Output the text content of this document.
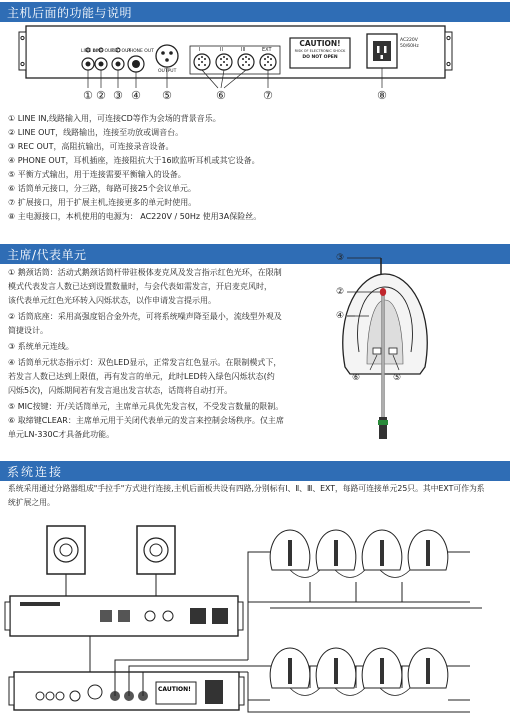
主机后面的功能与说明
LINE IN
LINE OUT
REC OUT
PHONE OUT
OUTPUT
I	II	III	EXT
CAUTION!
RISK OF ELECTRONIC SHOCK
DO NOT OPEN
AC220V
50/60Hz
① ② ③ ④ ⑤	⑥	⑦	⑧
① LINE IN,线路输入用，可连接CD等作为会场的背景音乐。
② LINE OUT，线路输出，连接至功放或调音台。
③ REC OUT，高阻抗输出，可连接录音设备。
④ PHONE OUT，耳机插座，连接阻抗大于16欧监听耳机或其它设备。
⑤ 平衡方式输出，用于连接需要平衡输入的设备。
⑥ 话筒单元接口，分三路，每路可接25个会议单元。
⑦ 扩展接口，用于扩展主机,连接更多的单元时使用。
⑧ 主电源接口，本机使用的电源为： AC220V / 50Hz 使用3A保险丝。
主席/代表单元
① 鹅颈话筒：活动式鹅颈话筒杆带驻极体麦克风及发言指示红色光环，在限制
模式代表发言人数已达到设置数量时，与会代表如需发言，开启麦克风时，
该代表单元红色光环转入闪烁状态，以作申请发言提示用。
② 话筒底座：采用高强度铝合金外壳，可将系统噪声降至最小，流线型外观及
简捷设计。
③ 系统单元连线。
④ 话筒单元状态指示灯：双色LED显示，正常发言红色显示。在限制模式下，
若发言人数已达到上限值，再有发言的单元，此时LED转入绿色闪烁状态(约
闪烁5次)，闪烁期间若有发言退出发言状态，话筒将自动打开。
⑤ MIC按键：开/关话筒单元，主席单元具优先发言权，不受发言数量的限制。
⑥ 取缔键CLEAR：主席单元用于关闭代表单元的发言来控制会场秩序。仅主席
单元LN-330C才具备此功能。
③
②
④
⑥	⑤
系统连接
系统采用通过分路器组成"手拉手"方式进行连接,主机后面板共设有四路,分别标有Ⅰ、Ⅱ、Ⅲ、EXT，每路可连接单元25只。其中EXT可作为系
统扩展之用。
CAUTION!
